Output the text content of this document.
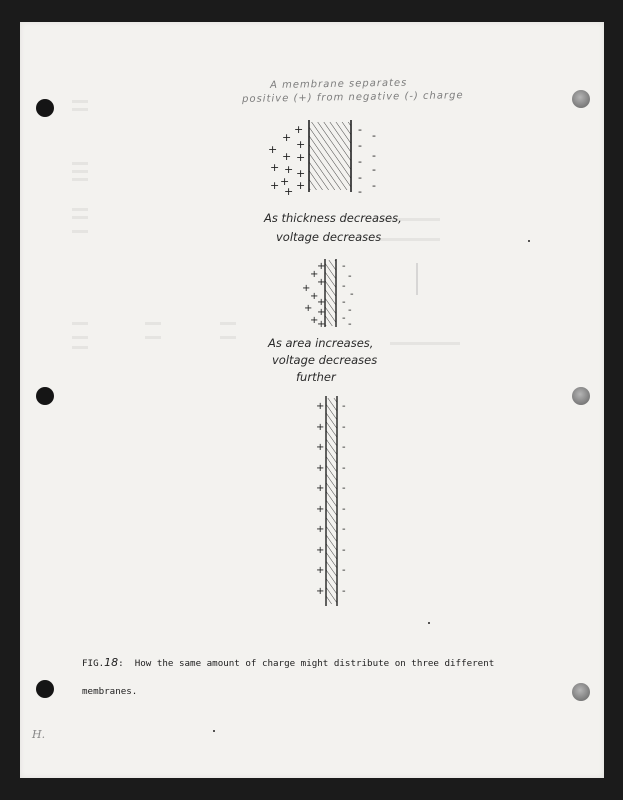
+
+
+
+
+ +
+ + +
+ +
+ +
- -
-
-
-
-
-
-
-
+
+
+
+
+
+
+ +
+
+
-
-
-
-
-
-
-
-
+ -
+ -
+ -
+ -
+ -
+ -
+ -
+ -
+ -
+ -
A membrane separates
positive (+) from negative (-) charge
As thickness decreases,
voltage decreases
As area increases,
voltage decreases
further
FIG.18:  How the same amount of charge might distribute on three different
membranes.
H.
